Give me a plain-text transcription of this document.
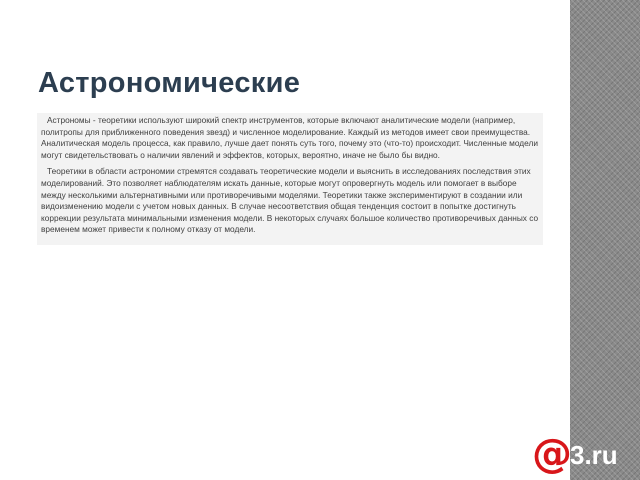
Астрономические

Астрономы - теоретики используют широкий спектр инструментов, которые включают аналитические модели (например, политропы для приближенного поведения звезд) и численное моделирование. Каждый из методов имеет свои преимущества. Аналитическая модель процесса, как правило, лучше дает понять суть того, почему это (что-то) происходит. Численные модели могут свидетельствовать о наличии явлений и эффектов, которых, вероятно, иначе не было бы видно.

Теоретики в области астрономии стремятся создавать теоретические модели и выяснить в исследованиях последствия этих моделирований. Это позволяет наблюдателям искать данные, которые могут опровергнуть модель или помогает в выборе между несколькими альтернативными или противоречивыми моделями. Теоретики также экспериментируют в создании или видоизменению модели с учетом новых данных. В случае несоответствия общая тенденция состоит в попытке достигнуть коррекции результата минимальными изменения модели. В некоторых случаях большое количество противоречивых данных со временем может привести к полному отказу от модели.

@
3.ru
